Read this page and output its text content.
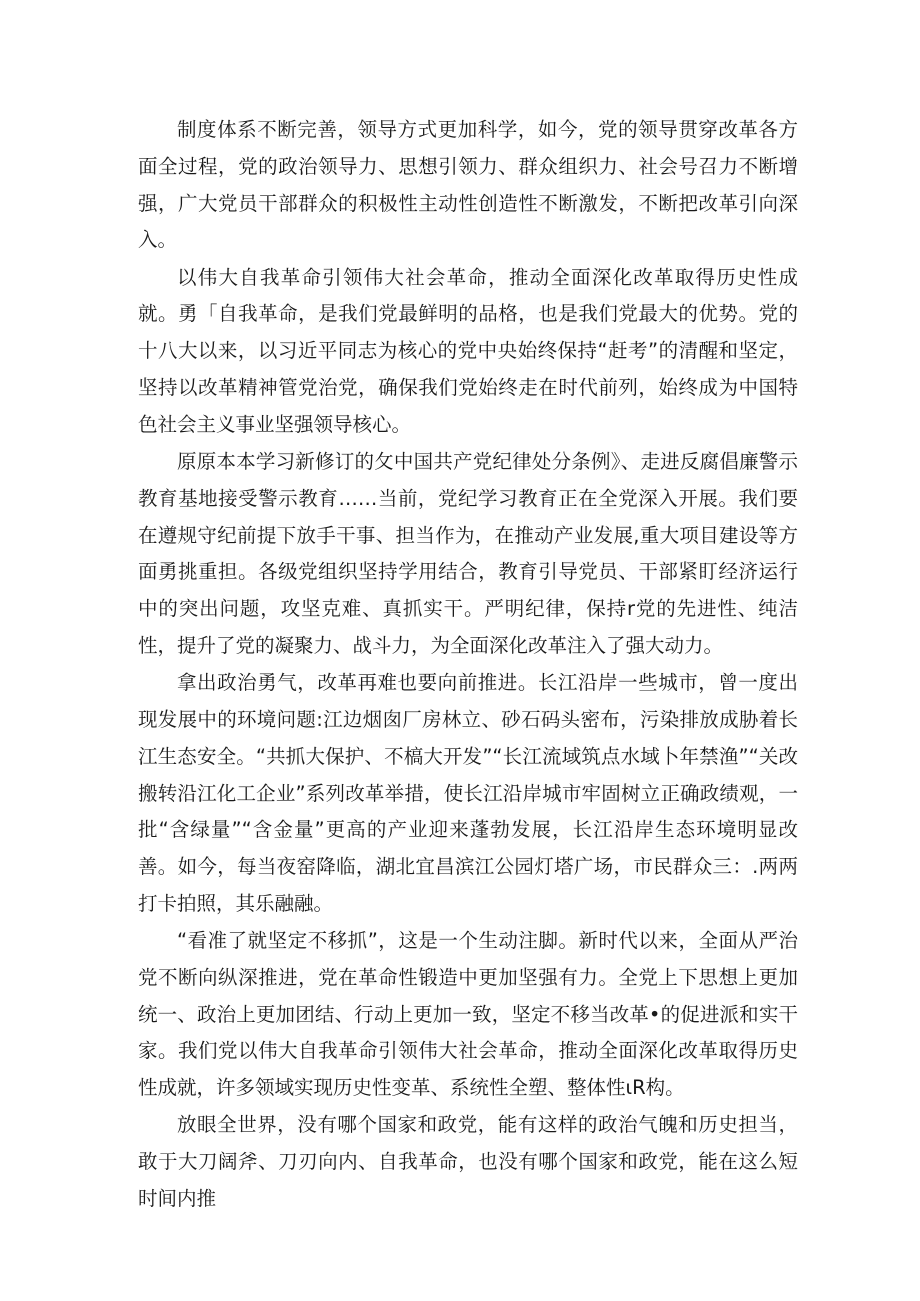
制度体系不断完善，领导方式更加科学，如今，党的领导贯穿改革各方面全过程，党的政治领导力、思想引领力、群众组织力、社会号召力不断增强，广大党员干部群众的积极性主动性创造性不断激发，不断把改革引向深入。

以伟大自我革命引领伟大社会革命，推动全面深化改革取得历史性成就。勇「自我革命，是我们党最鲜明的品格，也是我们党最大的优势。党的十八大以来，以习近平同志为核心的党中央始终保持“赶考”的清醒和坚定，坚持以改革精神管党治党，确保我们党始终走在时代前列，始终成为中国特色社会主义事业坚强领导核心。

原原本本学习新修订的攵中国共产党纪律处分条例》、走进反腐倡廉警示教育基地接受警示教育……当前，党纪学习教育正在全党深入开展。我们要在遵规守纪前提下放手干事、担当作为，在推动产业发展,重大项目建设等方面勇挑重担。各级党组织坚持学用结合，教育引导党员、干部紧盯经济运行中的突出问题，攻坚克难、真抓实干。严明纪律，保持r党的先进性、纯洁性，提升了党的凝聚力、战斗力，为全面深化改革注入了强大动力。

拿出政治勇气，改革再难也要向前推进。长江沿岸一些城市，曾一度出现发展中的环境问题:江边烟囱厂房林立、砂石码头密布，污染排放成胁着长江生态安全。“共抓大保护、不槁大开发”“长江流域筑点水域卜年禁渔”“关改搬转沿江化工企业”系列改革举措，使长江沿岸城市牢固树立正确政绩观，一批“含绿量”“含金量”更高的产业迎来蓬勃发展，长江沿岸生态环境明显改善。如今，每当夜窑降临，湖北宜昌滨江公园灯塔广场，市民群众三：.两两打卡拍照，其乐融融。

“看准了就坚定不移抓”，这是一个生动注脚。新时代以来，全面从严治党不断向纵深推进，党在革命性锻造中更加坚强有力。全党上下思想上更加统一、政治上更加团结、行动上更加一致，坚定不移当改革•的促进派和实干家。我们党以伟大自我革命引领伟大社会革命，推动全面深化改革取得历史性成就，许多领域实现历史性变革、系统性全塑、整体性ιR构。

放眼全世界，没有哪个国家和政党，能有这样的政治气魄和历史担当，敢于大刀阔斧、刀刃向内、自我革命，也没有哪个国家和政党，能在这么短时间内推
